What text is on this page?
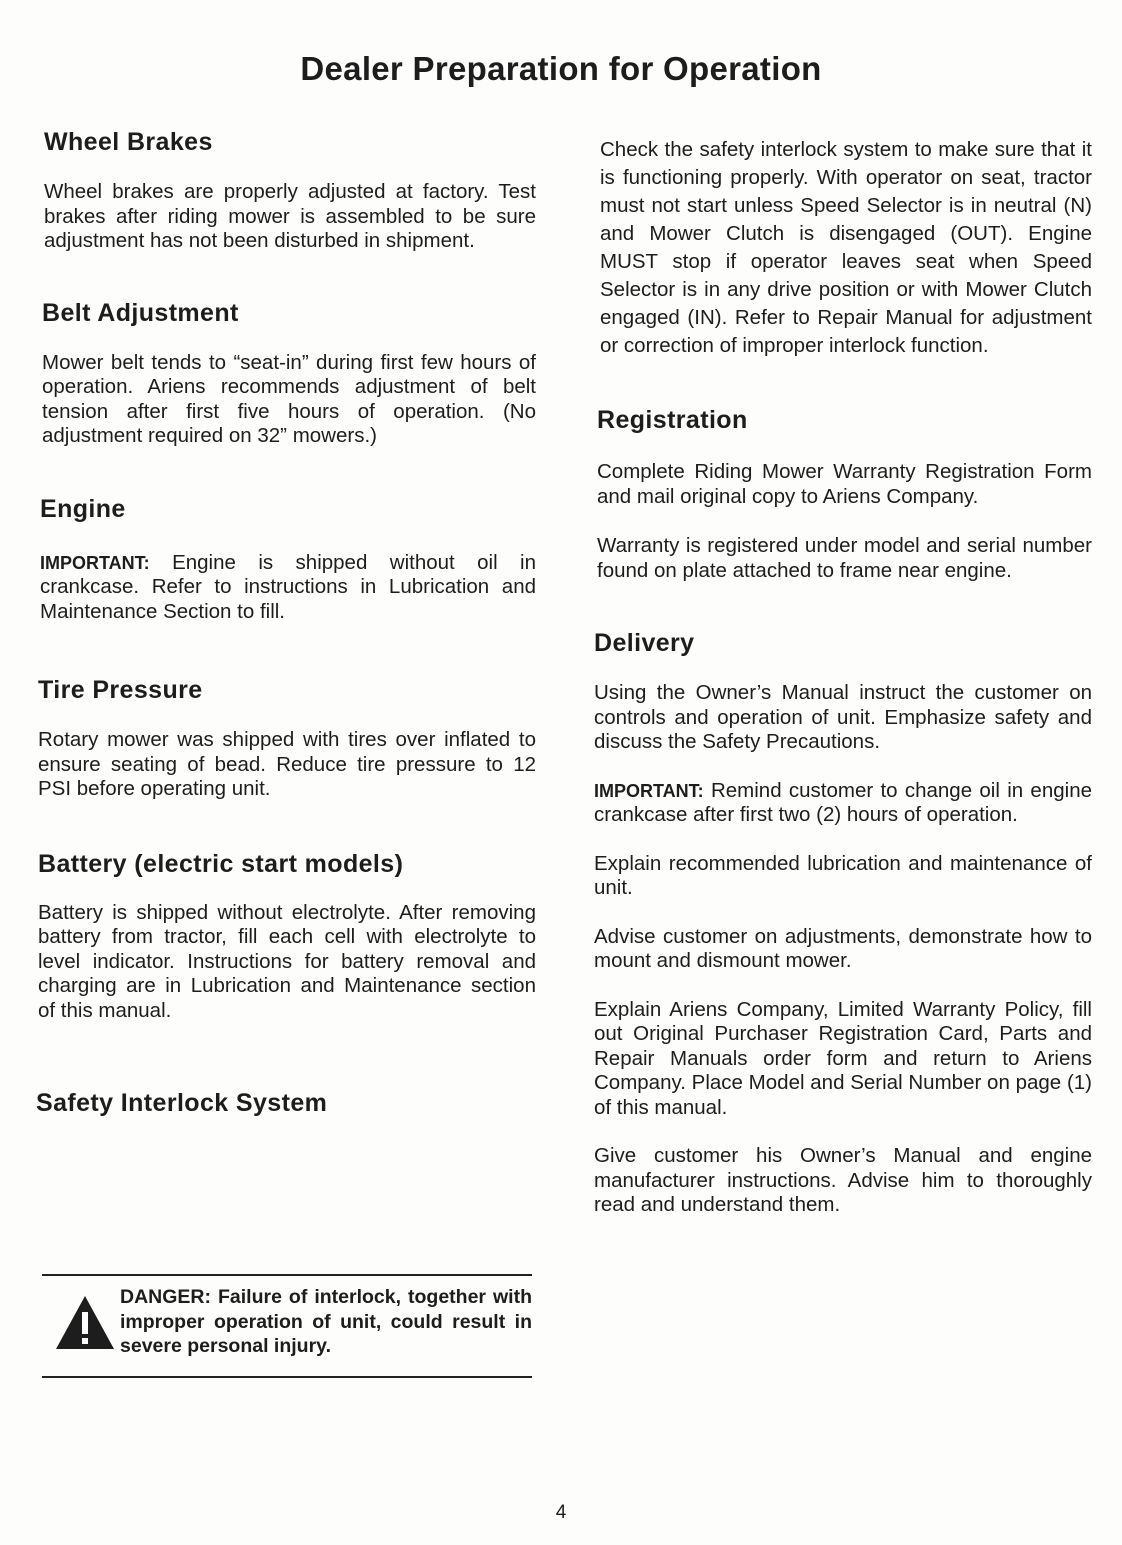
Dealer Preparation for Operation
Wheel Brakes

Wheel brakes are properly adjusted at factory. Test brakes after riding mower is assembled to be sure adjustment has not been disturbed in shipment.

Belt Adjustment

Mower belt tends to “seat-in” during first few hours of operation. Ariens recommends adjustment of belt tension after first five hours of operation. (No adjustment required on 32” mowers.)

Engine

IMPORTANT: Engine is shipped without oil in crankcase. Refer to instructions in Lubrication and Maintenance Section to fill.

Tire Pressure

Rotary mower was shipped with tires over inflated to ensure seating of bead. Reduce tire pressure to 12 PSI before operating unit.

Battery (electric start models)

Battery is shipped without electrolyte. After removing battery from tractor, fill each cell with electrolyte to level indicator. Instructions for battery removal and charging are in Lubrication and Maintenance section of this manual.

Safety Interlock System
DANGER: Failure of interlock, together with improper operation of unit, could result in severe personal injury.

Check the safety interlock system to make sure that it is functioning properly. With operator on seat, tractor must not start unless Speed Selector is in neutral (N) and Mower Clutch is disengaged (OUT). Engine MUST stop if operator leaves seat when Speed Selector is in any drive position or with Mower Clutch engaged (IN). Refer to Repair Manual for adjustment or correction of improper interlock function.

Registration

Complete Riding Mower Warranty Registration Form and mail original copy to Ariens Company.

Warranty is registered under model and serial number found on plate attached to frame near engine.

Delivery

Using the Owner’s Manual instruct the customer on controls and operation of unit. Emphasize safety and discuss the Safety Precautions.

IMPORTANT: Remind customer to change oil in engine crankcase after first two (2) hours of operation.

Explain recommended lubrication and maintenance of unit.

Advise customer on adjustments, demonstrate how to mount and dismount mower.

Explain Ariens Company, Limited Warranty Policy, fill out Original Purchaser Registration Card, Parts and Repair Manuals order form and return to Ariens Company. Place Model and Serial Number on page (1) of this manual.

Give customer his Owner’s Manual and engine manufacturer instructions. Advise him to thoroughly read and understand them.

4
